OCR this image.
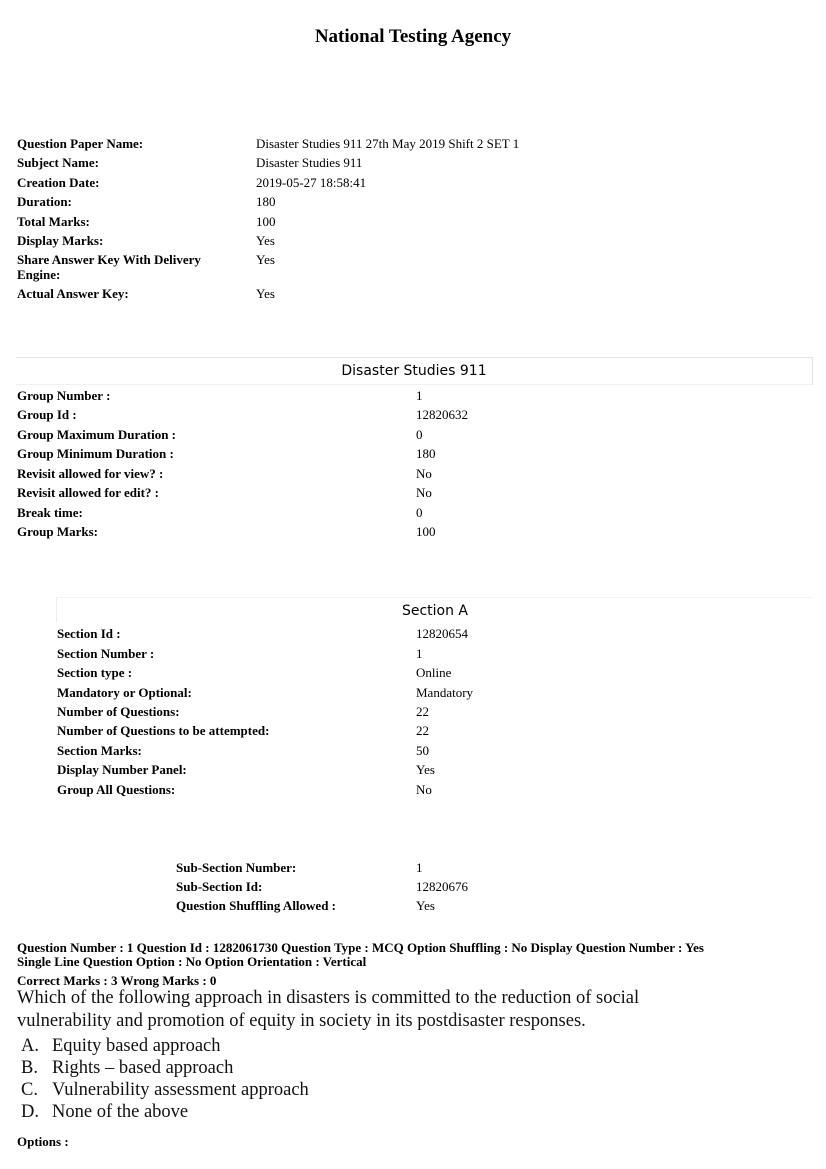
National Testing Agency
Question Paper Name:	Disaster Studies 911 27th May 2019 Shift 2 SET 1
Subject Name:	Disaster Studies 911
Creation Date:	2019-05-27 18:58:41
Duration:	180
Total Marks:	100
Display Marks:	Yes
Share Answer Key With Delivery Engine:
Yes
Actual Answer Key:	Yes
Disaster Studies 911
Group Number :	1
Group Id :	12820632
Group Maximum Duration :	0
Group Minimum Duration :	180
Revisit allowed for view? :	No
Revisit allowed for edit? :	No
Break time:	0
Group Marks:	100
Section A
Section Id :	12820654
Section Number :	1
Section type :	Online
Mandatory or Optional:	Mandatory
Number of Questions:	22
Number of Questions to be attempted:	22
Section Marks:	50
Display Number Panel:	Yes
Group All Questions:	No
Sub-Section Number:	1
Sub-Section Id:	12820676
Question Shuffling Allowed :	Yes
Question Number : 1 Question Id : 1282061730 Question Type : MCQ Option Shuffling : No Display Question Number : Yes
Single Line Question Option : No Option Orientation : Vertical
Correct Marks : 3 Wrong Marks : 0
Which of the following approach in disasters is committed to the reduction of social
vulnerability and promotion of equity in society in its postdisaster responses.
A. Equity based approach
B. Rights – based approach
C. Vulnerability assessment approach
D. None of the above
Options :
